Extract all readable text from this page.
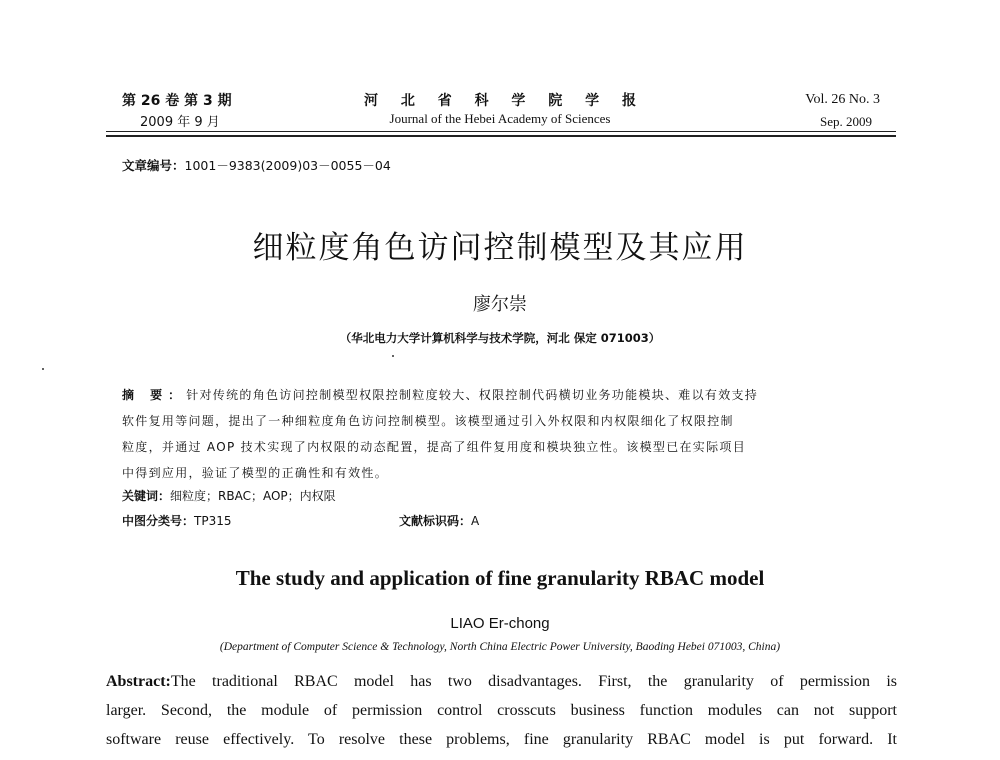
第 26 卷 第 3 期
2009 年 9 月
河北省科学院学报
Journal of the Hebei Academy of Sciences
Vol. 26 No. 3
Sep. 2009
文章编号：1001－9383(2009)03－0055－04
细粒度角色访问控制模型及其应用
廖尔崇
（华北电力大学计算机科学与技术学院，河北 保定 071003）
摘 要：针对传统的角色访问控制模型权限控制粒度较大、权限控制代码横切业务功能模块、难以有效支持
软件复用等问题，提出了一种细粒度角色访问控制模型。该模型通过引入外权限和内权限细化了权限控制
粒度，并通过 AOP 技术实现了内权限的动态配置，提高了组件复用度和模块独立性。该模型已在实际项目
中得到应用，验证了模型的正确性和有效性。
关键词：细粒度；RBAC；AOP；内权限
中图分类号：TP315	文献标识码：A
The study and application of fine granularity RBAC model
LIAO Er-chong
(Department of Computer Science & Technology, North China Electric Power University, Baoding Hebei 071003, China)
Abstract:The traditional RBAC model has two disadvantages. First, the granularity of permission is
larger. Second, the module of permission control crosscuts business function modules can not support
software reuse effectively. To resolve these problems, fine granularity RBAC model is put forward. It
